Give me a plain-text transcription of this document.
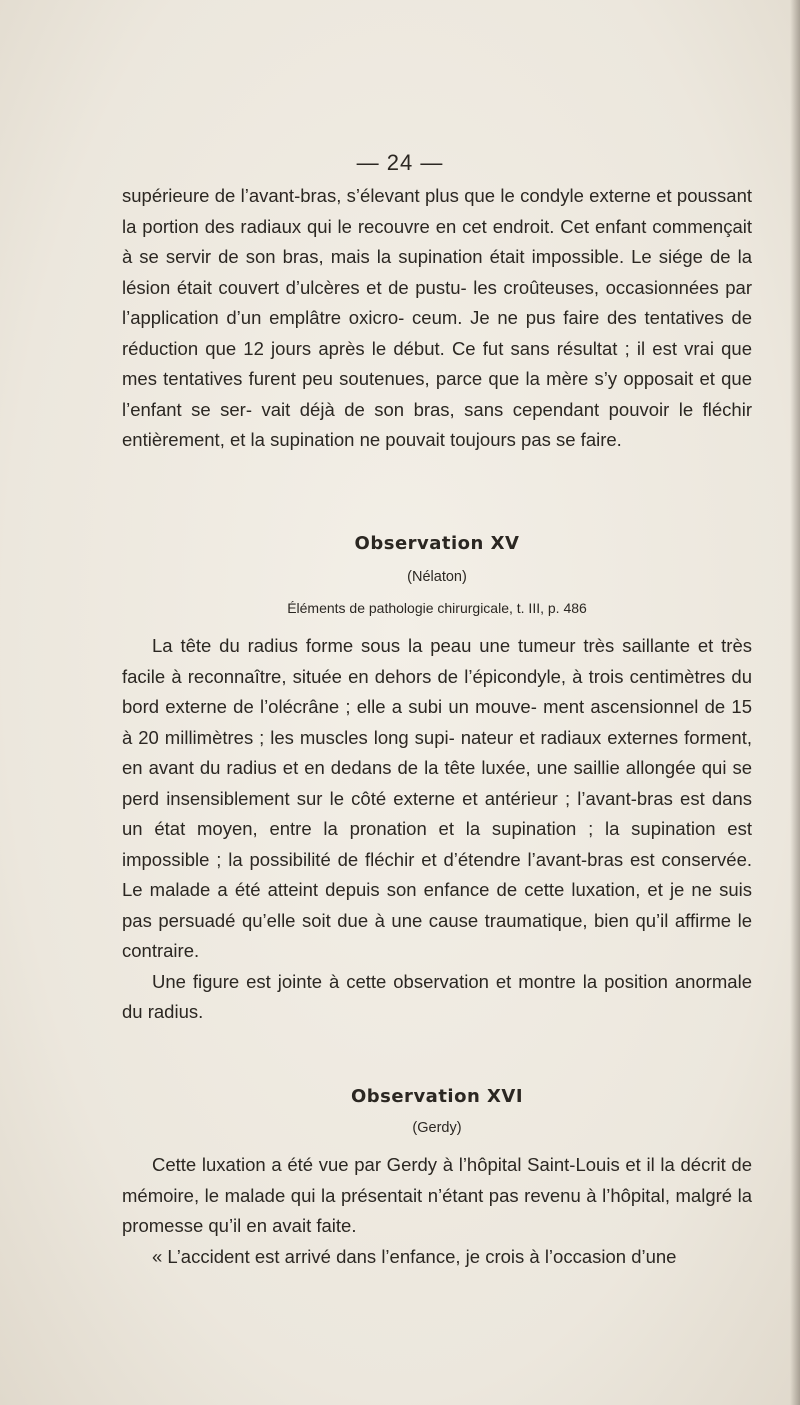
— 24 —

supérieure de l’avant-bras, s’élevant plus que le condyle externe et poussant la portion des radiaux qui le recouvre en cet endroit. Cet enfant commençait à se servir de son bras, mais la supination était impossible. Le siége de la lésion était couvert d’ulcères et de pustu- les croûteuses, occasionnées par l’application d’un emplâtre oxicro- ceum. Je ne pus faire des tentatives de réduction que 12 jours après le début. Ce fut sans résultat ; il est vrai que mes tentatives furent peu soutenues, parce que la mère s’y opposait et que l’enfant se ser- vait déjà de son bras, sans cependant pouvoir le fléchir entièrement, et la supination ne pouvait toujours pas se faire.

Observation XV
(Nélaton)
Éléments de pathologie chirurgicale, t. III, p. 486

La tête du radius forme sous la peau une tumeur très saillante et très facile à reconnaître, située en dehors de l’épicondyle, à trois centimètres du bord externe de l’olécrâne ; elle a subi un mouve- ment ascensionnel de 15 à 20 millimètres ; les muscles long supi- nateur et radiaux externes forment, en avant du radius et en dedans de la tête luxée, une saillie allongée qui se perd insensiblement sur le côté externe et antérieur ; l’avant-bras est dans un état moyen, entre la pronation et la supination ; la supination est impossible ; la possibilité de fléchir et d’étendre l’avant-bras est conservée. Le malade a été atteint depuis son enfance de cette luxation, et je ne suis pas persuadé qu’elle soit due à une cause traumatique, bien qu’il affirme le contraire.

Une figure est jointe à cette observation et montre la position anormale du radius.

Observation XVI
(Gerdy)

Cette luxation a été vue par Gerdy à l’hôpital Saint-Louis et il la décrit de mémoire, le malade qui la présentait n’étant pas revenu à l’hôpital, malgré la promesse qu’il en avait faite.

« L’accident est arrivé dans l’enfance, je crois à l’occasion d’une
